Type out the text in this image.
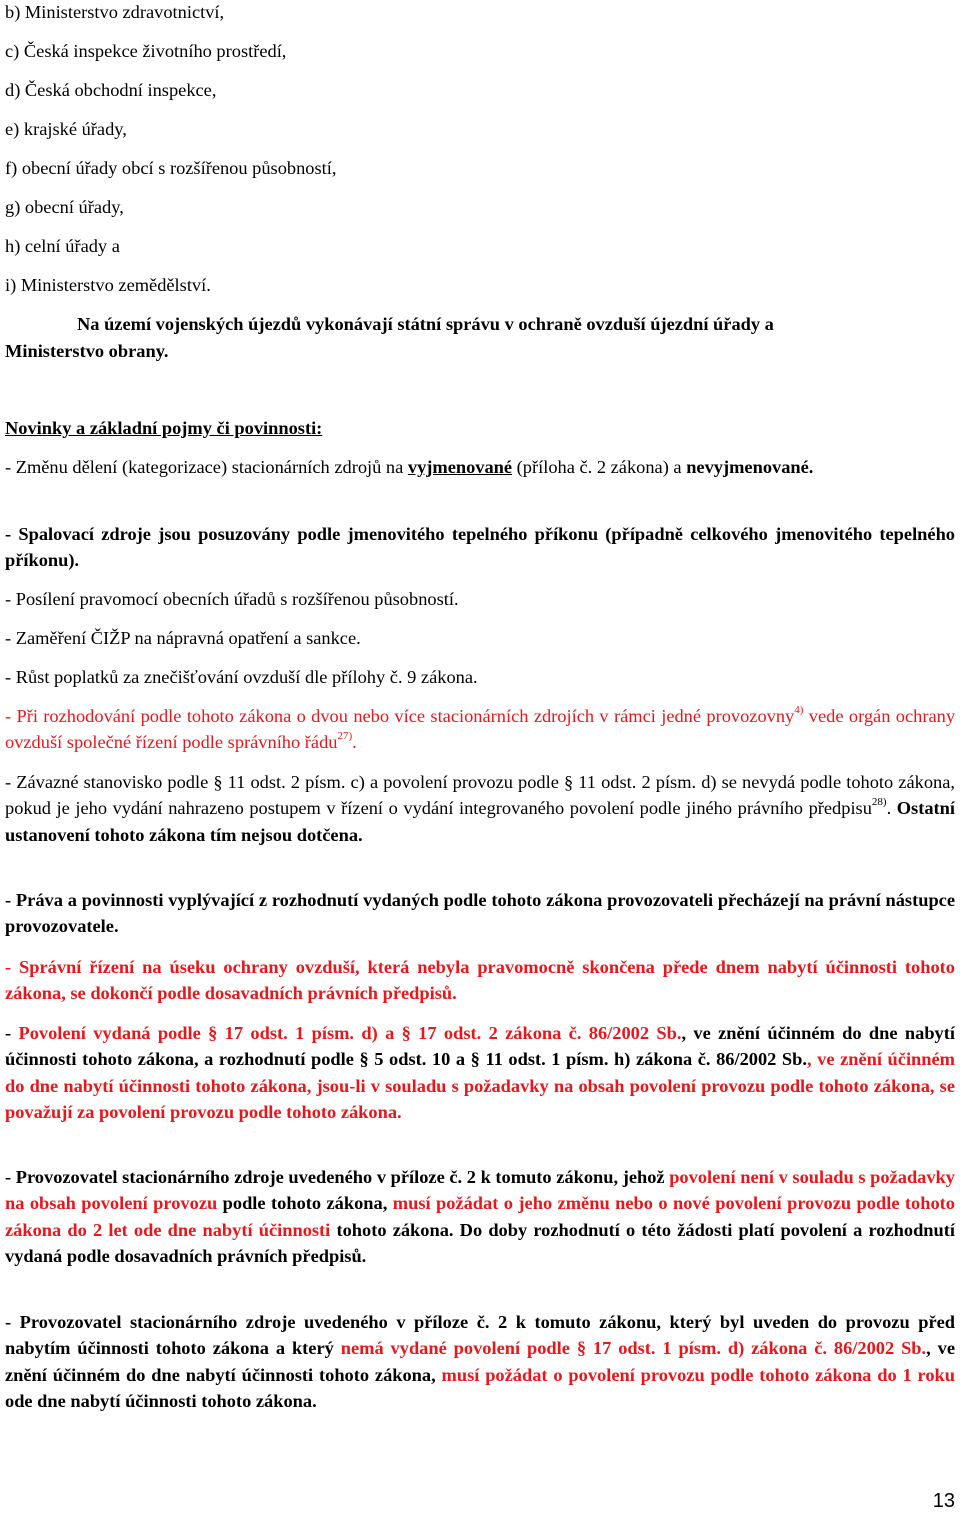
b) Ministerstvo zdravotnictví,
c) Česká inspekce životního prostředí,
d) Česká obchodní inspekce,
e) krajské úřady,
f) obecní úřady obcí s rozšířenou působností,
g) obecní úřady,
h) celní úřady a
i) Ministerstvo zemědělství.
Na území vojenských újezdů vykonávají státní správu v ochraně ovzduší újezdní úřady a
Ministerstvo obrany.
Novinky a základní pojmy či povinnosti:
- Změnu dělení (kategorizace) stacionárních zdrojů na vyjmenované (příloha č. 2 zákona) a nevyjmenované.
- Spalovací zdroje jsou posuzovány podle jmenovitého tepelného příkonu (případně celkového jmenovitého tepelného příkonu).
- Posílení pravomocí obecních úřadů s rozšířenou působností.
- Zaměření ČIŽP na nápravná opatření a sankce.
- Růst poplatků za znečišťování ovzduší dle přílohy č. 9 zákona.
- Při rozhodování podle tohoto zákona o dvou nebo více stacionárních zdrojích v rámci jedné provozovny$^{4)}$ vede orgán ochrany ovzduší společné řízení podle správního řádu$^{27)}$.
- Závazné stanovisko podle § 11 odst. 2 písm. c) a povolení provozu podle § 11 odst. 2 písm. d) se nevydá podle tohoto zákona, pokud je jeho vydání nahrazeno postupem v řízení o vydání integrovaného povolení podle jiného právního předpisu$^{28)}$. Ostatní ustanovení tohoto zákona tím nejsou dotčena.
- Práva a povinnosti vyplývající z rozhodnutí vydaných podle tohoto zákona provozovateli přecházejí na právní nástupce provozovatele.
- Správní řízení na úseku ochrany ovzduší, která nebyla pravomocně skončena přede dnem nabytí účinnosti tohoto zákona, se dokončí podle dosavadních právních předpisů.
- Povolení vydaná podle § 17 odst. 1 písm. d) a § 17 odst. 2 zákona č. 86/2002 Sb., ve znění účinném do dne nabytí účinnosti tohoto zákona, a rozhodnutí podle § 5 odst. 10 a § 11 odst. 1 písm. h) zákona č. 86/2002 Sb., ve znění účinném do dne nabytí účinnosti tohoto zákona, jsou-li v souladu s požadavky na obsah povolení provozu podle tohoto zákona, se považují za povolení provozu podle tohoto zákona.
- Provozovatel stacionárního zdroje uvedeného v příloze č. 2 k tomuto zákonu, jehož povolení není v souladu s požadavky na obsah povolení provozu podle tohoto zákona, musí požádat o jeho změnu nebo o nové povolení provozu podle tohoto zákona do 2 let ode dne nabytí účinnosti tohoto zákona. Do doby rozhodnutí o této žádosti platí povolení a rozhodnutí vydaná podle dosavadních právních předpisů.
- Provozovatel stacionárního zdroje uvedeného v příloze č. 2 k tomuto zákonu, který byl uveden do provozu před nabytím účinnosti tohoto zákona a který nemá vydané povolení podle § 17 odst. 1 písm. d) zákona č. 86/2002 Sb., ve znění účinném do dne nabytí účinnosti tohoto zákona, musí požádat o povolení provozu podle tohoto zákona do 1 roku ode dne nabytí účinnosti tohoto zákona.
13
